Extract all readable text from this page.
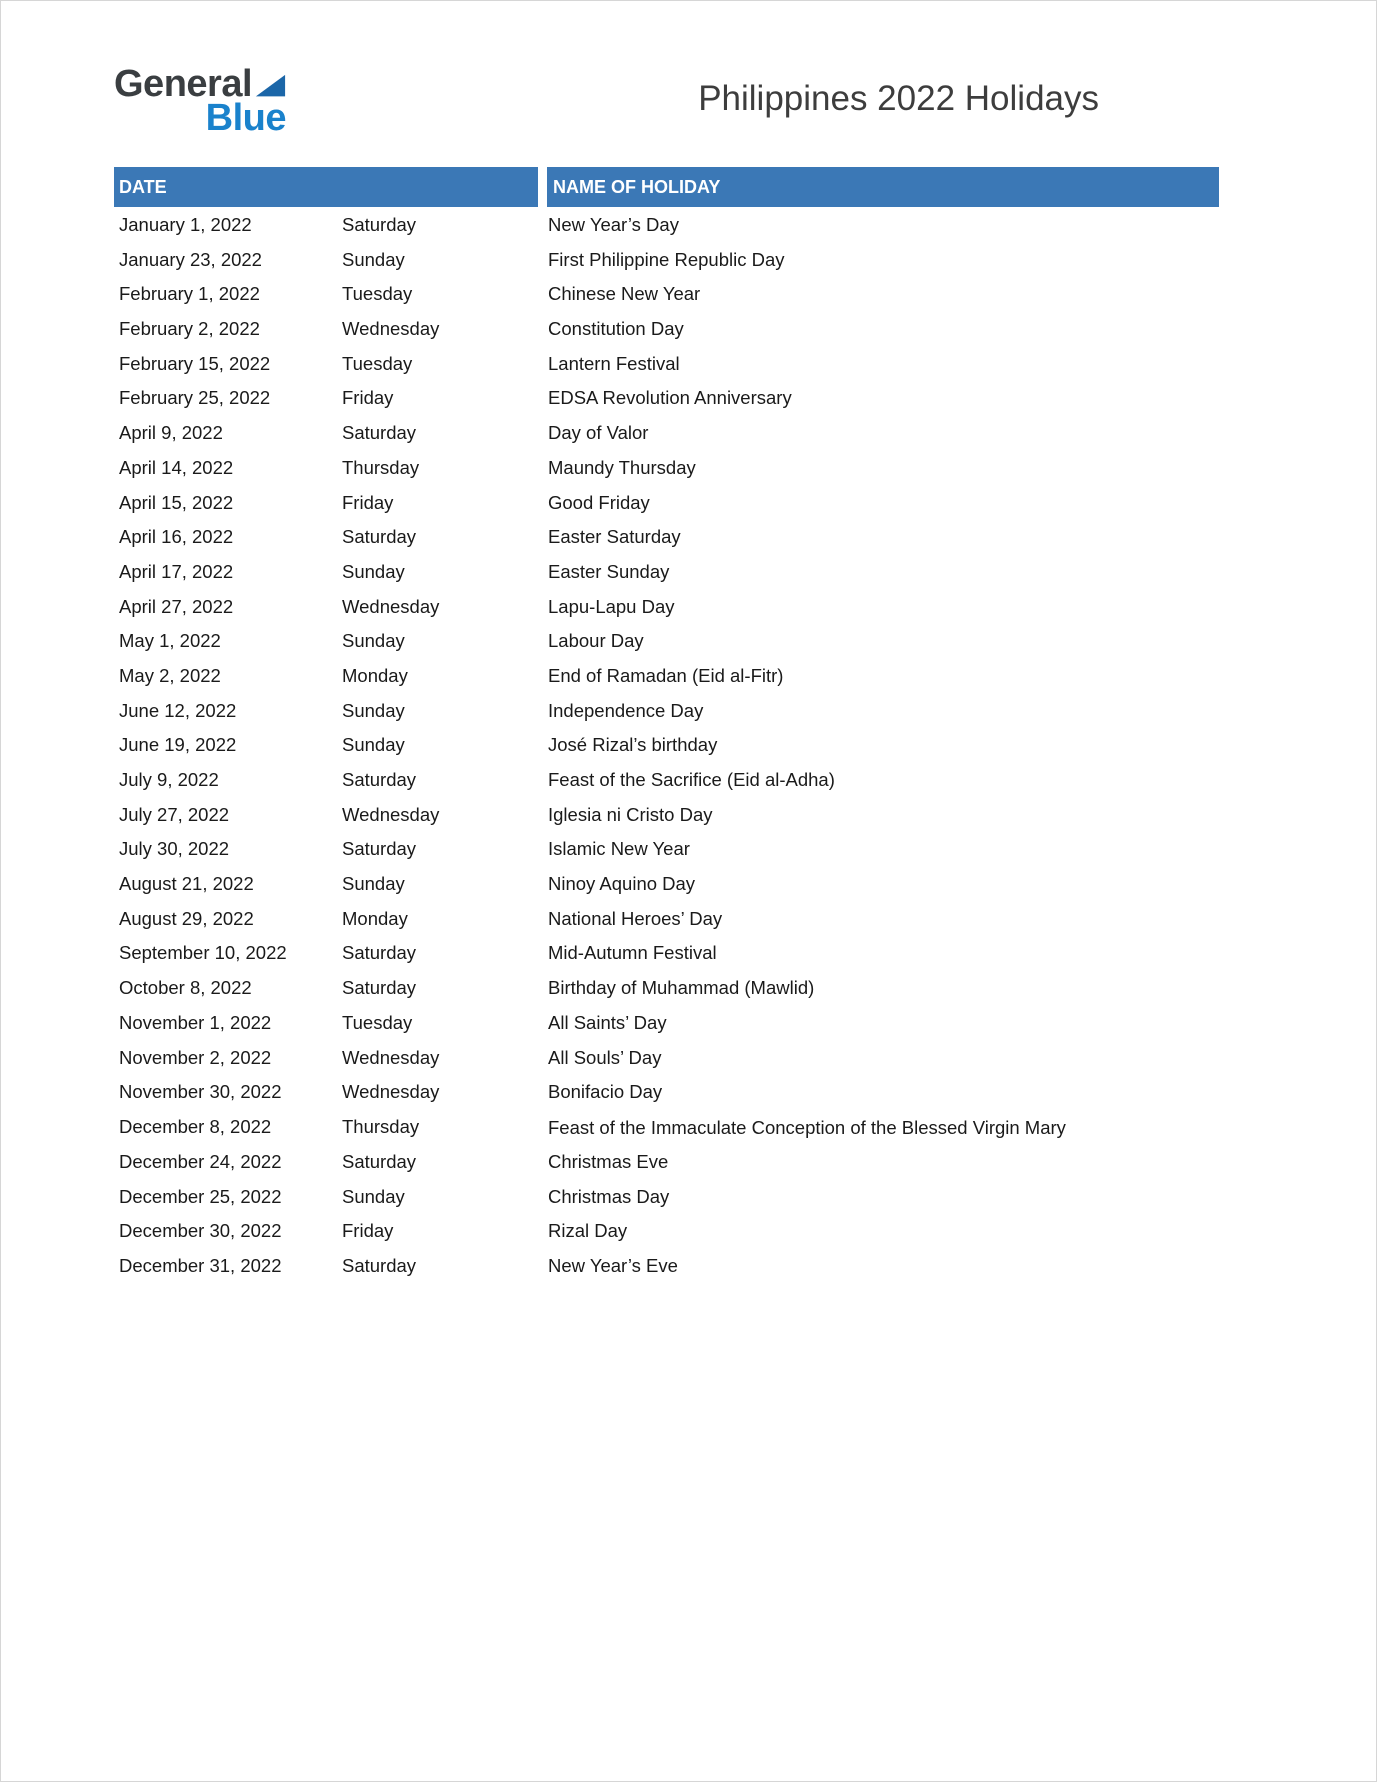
General
Blue	Philippines 2022 Holidays
DATE	NAME OF HOLIDAY
January 1, 2022	Saturday	New Year’s Day
January 23, 2022	Sunday	First Philippine Republic Day
February 1, 2022	Tuesday	Chinese New Year
February 2, 2022	Wednesday	Constitution Day
February 15, 2022	Tuesday	Lantern Festival
February 25, 2022	Friday	EDSA Revolution Anniversary
April 9, 2022	Saturday	Day of Valor
April 14, 2022	Thursday	Maundy Thursday
April 15, 2022	Friday	Good Friday
April 16, 2022	Saturday	Easter Saturday
April 17, 2022	Sunday	Easter Sunday
April 27, 2022	Wednesday	Lapu-Lapu Day
May 1, 2022	Sunday	Labour Day
May 2, 2022	Monday	End of Ramadan (Eid al-Fitr)
June 12, 2022	Sunday	Independence Day
June 19, 2022	Sunday	José Rizal’s birthday
July 9, 2022	Saturday	Feast of the Sacrifice (Eid al-Adha)
July 27, 2022	Wednesday	Iglesia ni Cristo Day
July 30, 2022	Saturday	Islamic New Year
August 21, 2022	Sunday	Ninoy Aquino Day
August 29, 2022	Monday	National Heroes’ Day
September 10, 2022	Saturday	Mid-Autumn Festival
October 8, 2022	Saturday	Birthday of Muhammad (Mawlid)
November 1, 2022	Tuesday	All Saints’ Day
November 2, 2022	Wednesday	All Souls’ Day
November 30, 2022	Wednesday	Bonifacio Day
December 8, 2022	Thursday	Feast of the Immaculate Conception of the Blessed Virgin Mary
December 24, 2022	Saturday	Christmas Eve
December 25, 2022	Sunday	Christmas Day
December 30, 2022	Friday	Rizal Day
December 31, 2022	Saturday	New Year’s Eve
